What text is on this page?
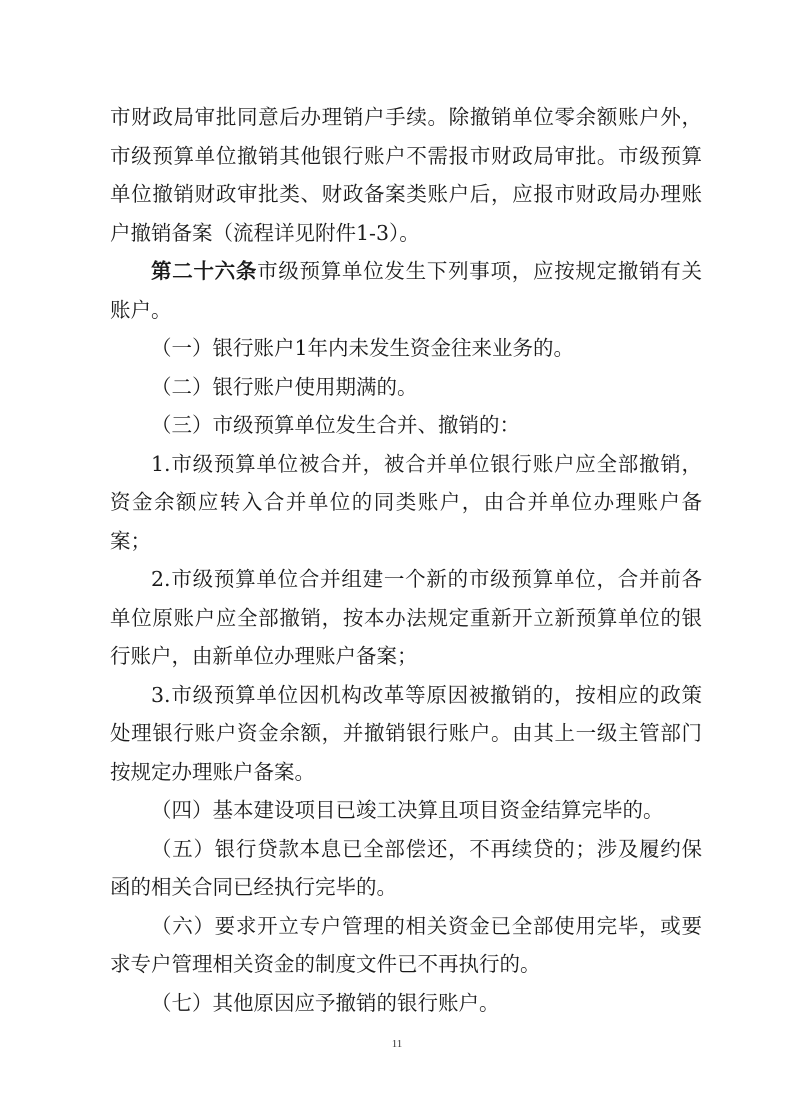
市财政局审批同意后办理销户手续。除撤销单位零余额账户外，市级预算单位撤销其他银行账户不需报市财政局审批。市级预算单位撤销财政审批类、财政备案类账户后，应报市财政局办理账户撤销备案（流程详见附件1-3）。

第二十六条市级预算单位发生下列事项，应按规定撤销有关账户。

（一）银行账户1年内未发生资金往来业务的。

（二）银行账户使用期满的。

（三）市级预算单位发生合并、撤销的：

1.市级预算单位被合并，被合并单位银行账户应全部撤销，资金余额应转入合并单位的同类账户，由合并单位办理账户备案；

2.市级预算单位合并组建一个新的市级预算单位，合并前各单位原账户应全部撤销，按本办法规定重新开立新预算单位的银行账户，由新单位办理账户备案；

3.市级预算单位因机构改革等原因被撤销的，按相应的政策处理银行账户资金余额，并撤销银行账户。由其上一级主管部门按规定办理账户备案。

（四）基本建设项目已竣工决算且项目资金结算完毕的。

（五）银行贷款本息已全部偿还，不再续贷的；涉及履约保函的相关合同已经执行完毕的。

（六）要求开立专户管理的相关资金已全部使用完毕，或要求专户管理相关资金的制度文件已不再执行的。

（七）其他原因应予撤销的银行账户。

11
